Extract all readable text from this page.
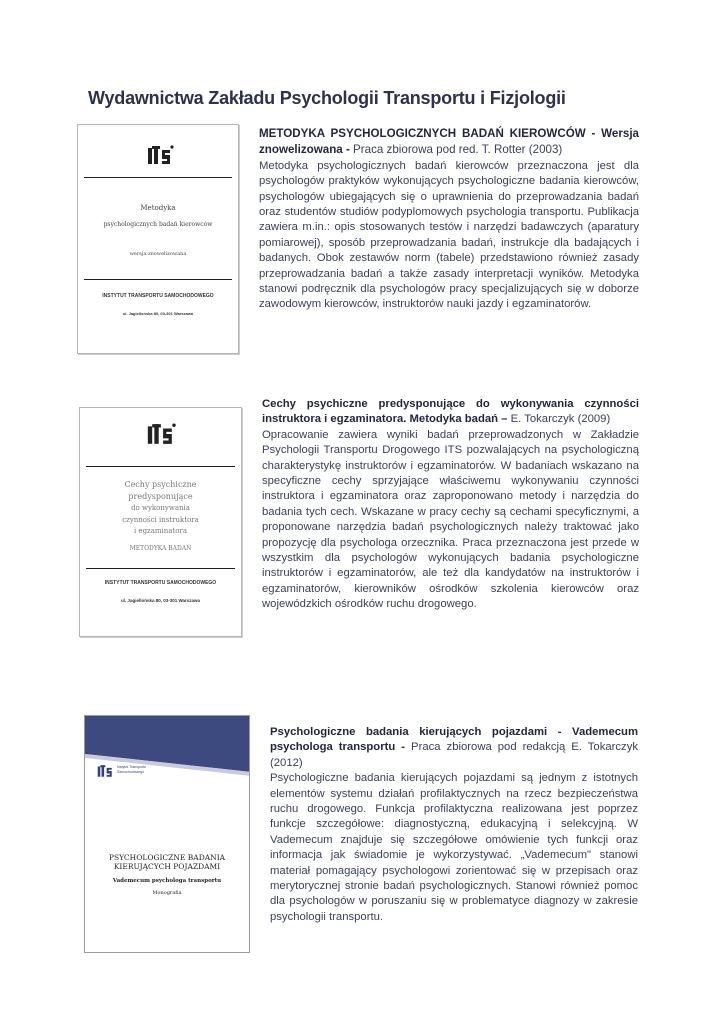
Wydawnictwa Zakładu Psychologii Transportu i Fizjologii
Metodyka
psychologicznych badań kierowców
wersja znowelizowana
INSTYTUT TRANSPORTU SAMOCHODOWEGO
ul. Jagiellońska 80, 03-301 Warszawa
METODYKA PSYCHOLOGICZNYCH BADAŃ KIEROWCÓW - Wersja znowelizowana - Praca zbiorowa pod red. T. Rotter (2003)
Metodyka psychologicznych badań kierowców przeznaczona jest dla psychologów praktyków wykonujących psychologiczne badania kierowców, psychologów ubiegających się o uprawnienia do przeprowadzania badań oraz studentów studiów podyplomowych psychologia transportu. Publikacja zawiera m.in.: opis stosowanych testów i narzędzi badawczych (aparatury pomiarowej), sposób przeprowadzania badań, instrukcje dla badających i badanych. Obok zestawów norm (tabele) przedstawiono również zasady przeprowadzania badań a także zasady interpretacji wyników. Metodyka stanowi podręcznik dla psychologów pracy specjalizujących się w doborze zawodowym kierowców, instruktorów nauki jazdy i egzaminatorów.
Cechy psychiczne
predysponujące
do wykonywania
czynności instruktora
i egzaminatora
METODYKA BADAŃ
INSTYTUT TRANSPORTU SAMOCHODOWEGO
ul. Jagiellońska 80, 03-301 Warszawa
Cechy psychiczne predysponujące do wykonywania czynności instruktora i egzaminatora. Metodyka badań – E. Tokarczyk (2009)
Opracowanie zawiera wyniki badań przeprowadzonych w Zakładzie Psychologii Transportu Drogowego ITS pozwalających na psychologiczną charakterystykę instruktorów i egzaminatorów. W badaniach wskazano na specyficzne cechy sprzyjające właściwemu wykonywaniu czynności instruktora i egzaminatora oraz zaproponowano metody i narzędzia do badania tych cech. Wskazane w pracy cechy są cechami specyficznymi, a proponowane narzędzia badań psychologicznych należy traktować jako propozycję dla psychologa orzecznika. Praca przeznaczona jest przede w wszystkim dla psychologów wykonujących badania psychologiczne instruktorów i egzaminatorów, ale też dla kandydatów na instruktorów i egzaminatorów, kierowników ośrodków szkolenia kierowców oraz wojewódzkich ośrodków ruchu drogowego.
Instytut Transportu Samochodowego
PSYCHOLOGICZNE BADANIA
KIERUJĄCYCH POJAZDAMI
Vademecum psychologa transportu
Monografia
Psychologiczne badania kierujących pojazdami - Vademecum psychologa transportu - Praca zbiorowa pod redakcją E. Tokarczyk (2012)
Psychologiczne badania kierujących pojazdami są jednym z istotnych elementów systemu działań profilaktycznych na rzecz bezpieczeństwa ruchu drogowego. Funkcja profilaktyczna realizowana jest poprzez funkcje szczegółowe: diagnostyczną, edukacyjną i selekcyjną. W Vademecum znajduje się szczegółowe omówienie tych funkcji oraz informacja jak świadomie je wykorzystywać. „Vademecum" stanowi materiał pomagający psychologowi zorientować się w przepisach oraz merytorycznej stronie badań psychologicznych. Stanowi również pomoc dla psychologów w poruszaniu się w problematyce diagnozy w zakresie psychologii transportu.
